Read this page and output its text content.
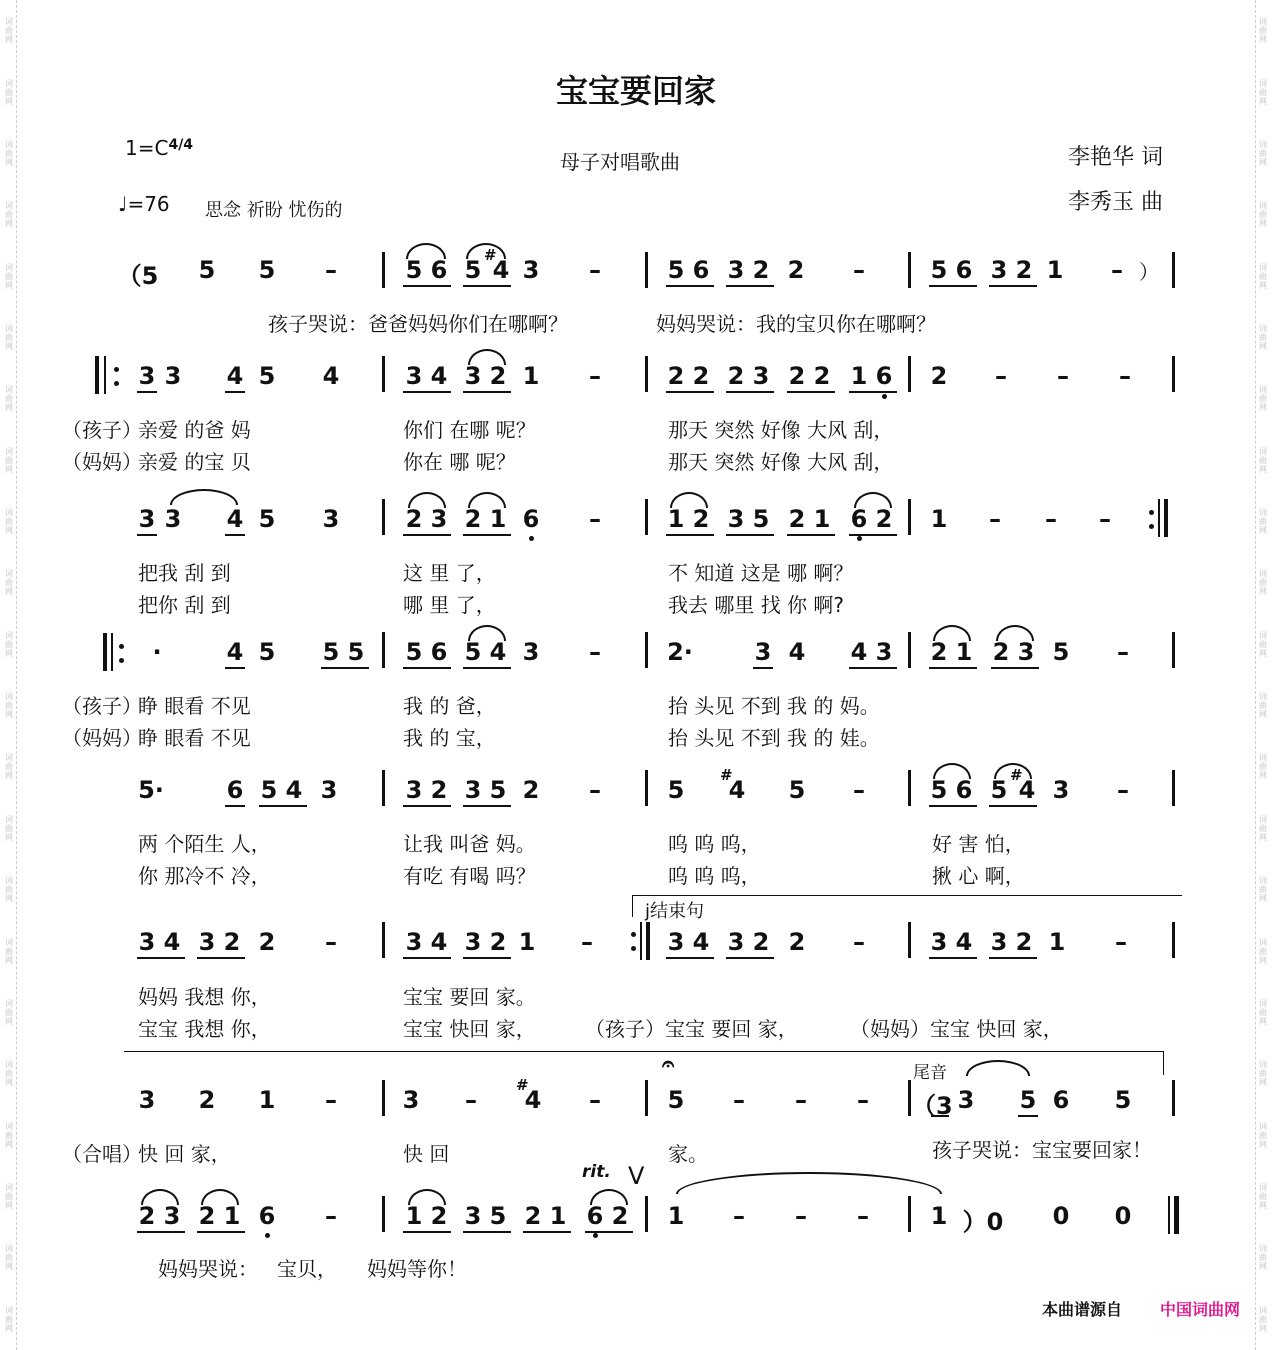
词曲网
词曲网
词曲网
词曲网
词曲网
词曲网
词曲网
词曲网
词曲网
词曲网
词曲网
词曲网
词曲网
词曲网
词曲网
词曲网
词曲网
词曲网
词曲网
词曲网
词曲网
词曲网
词曲网
词曲网
词曲网
词曲网
词曲网
词曲网
词曲网
词曲网
词曲网
词曲网
词曲网
词曲网
词曲网
词曲网
词曲网
词曲网
词曲网
词曲网
词曲网
词曲网
词曲网
词曲网
宝宝要回家
$1=C^{4/4}$
♩=76 思念 祈盼 忧伤的
母子对唱歌曲	李艳华 词
李秀玉 曲
（5 5 5 –	5 6 5
#
4 3 –	5 6 3 2 2 –	5 6 3 2 1 – ）
孩子哭说：爸爸妈妈你们在哪啊？	妈妈哭说：我的宝贝你在哪啊？
3 3 4 5 4	3 4 3 2 1 –	2 2 2 3 2 2 1 6 2 – – –
（孩子）
亲爱 的爸 妈	你们 在哪 呢？	那天 突然 好像 大风 刮，
（妈妈）
亲爱 的宝 贝	你在 哪 呢？	那天 突然 好像 大风 刮，
3 3 4 5 3	2 3 2 1 6 –	1 2 3 5 2 1 6 2 1 – – –
把我 刮 到	这 里 了，	不 知道 这是 哪 啊？
把你 刮 到	哪 里 了，	我去 哪里 找 你 啊?
·	4 5 5 5 5 6 5 4 3 –	2·	3 4 4 3 2 1 2 3 5 –
（孩子）
睁 眼看 不见	我 的 爸，	抬 头见 不到 我 的 妈。
（妈妈）
睁 眼看 不见	我 的 宝，	抬 头见 不到 我 的 娃。
5·	6 5 4 3	3 2 3 5 2 –	5
#
4 5 –	5 6 5
#
4 3 –
两 个陌生 人，	让我 叫爸 妈。	呜 呜 呜，	好 害 怕，
你 那冷不 冷，	有吃 有喝 吗？	呜 呜 呜，	揪 心 啊，
j结束句
3 4 3 2 2 –	3 4 3 2 1 –	3 4 3 2 2 –	3 4 3 2 1 –
妈妈 我想 你，	宝宝 要回 家。
宝宝 我想 你，	宝宝 快回 家， （孩子）宝宝 要回 家，	（妈妈）宝宝 快回 家，
尾音
3 2 1 –	3 –
#
4 –
𝄐
5 – – – （3 3 5 6 5
（合唱）
快 回 家，	快 回	家。	孩子哭说：宝宝要回家！
rit. V
2 3 2 1 6 –	1 2 3 5 2 1 6 2 1 – – –	1 ）0 0 0
妈妈哭说： 宝贝， 妈妈等你！
本曲谱源自 中国词曲网
